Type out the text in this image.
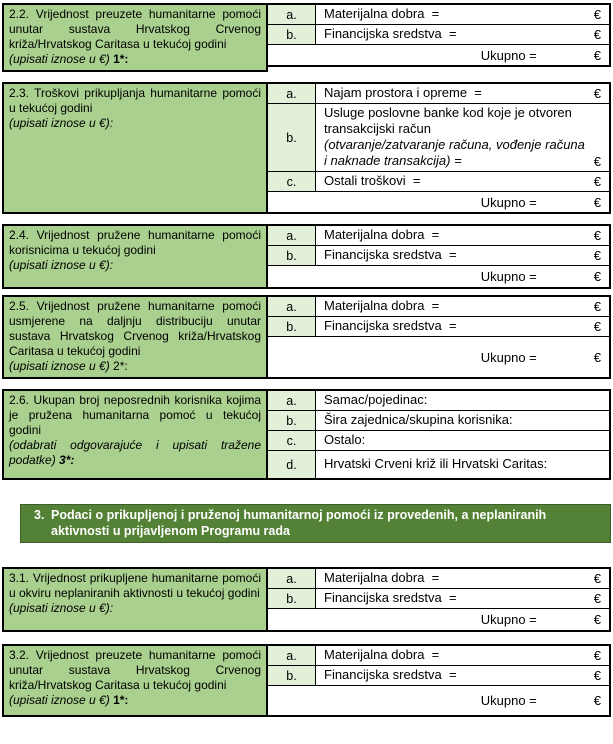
2.2. Vrijednost preuzete humanitarne pomoći unutar sustava Hrvatskog Crvenog križa/Hrvatskog Caritasa u tekućoj godini
(upisati iznose u €) 1*:
a. Materijalna dobra  =	€
b. Financijska sredstva  =	€
Ukupno =	€
2.3. Troškovi prikupljanja humanitarne pomoći u tekućoj godini
(upisati iznose u €):
a. Najam prostora i opreme  =	€
b.
Usluge poslovne banke kod koje je otvoren transakcijski račun
(otvaranje/zatvaranje računa, vođenje računa i naknade transakcija) =	€
c. Ostali troškovi  =	€
Ukupno =	€
2.4. Vrijednost pružene humanitarne pomoći korisnicima u tekućoj godini
(upisati iznose u €):
a. Materijalna dobra  =	€
b. Financijska sredstva  =	€
Ukupno =	€
2.5. Vrijednost pružene humanitarne pomoći usmjerene na daljnju distribuciju unutar sustava Hrvatskog Crvenog križa/Hrvatskog Caritasa u tekućoj godini
(upisati iznose u €) 2*:
a. Materijalna dobra  =	€
b. Financijska sredstva  =	€
Ukupno =	€
2.6. Ukupan broj neposrednih korisnika kojima je pružena humanitarna pomoć u tekućoj godini
(odabrati odgovarajuće i upisati tražene podatke) 3*:
a. Samac/pojedinac:
b. Šira zajednica/skupina korisnika:
c. Ostalo:
d. Hrvatski Crveni križ ili Hrvatski Caritas:
3. Podaci o prikupljenoj i pruženoj humanitarnoj pomoći iz provedenih, a neplaniranih aktivnosti u prijavljenom Programu rada
3.1. Vrijednost prikupljene humanitarne pomoći u okviru neplaniranih aktivnosti u tekućoj godini
(upisati iznose u €):
a. Materijalna dobra  =	€
b. Financijska sredstva  =	€
Ukupno =	€
3.2. Vrijednost preuzete humanitarne pomoći unutar sustava Hrvatskog Crvenog križa/Hrvatskog Caritasa u tekućoj godini
(upisati iznose u €) 1*:
a. Materijalna dobra  =	€
b. Financijska sredstva  =	€
Ukupno =	€
